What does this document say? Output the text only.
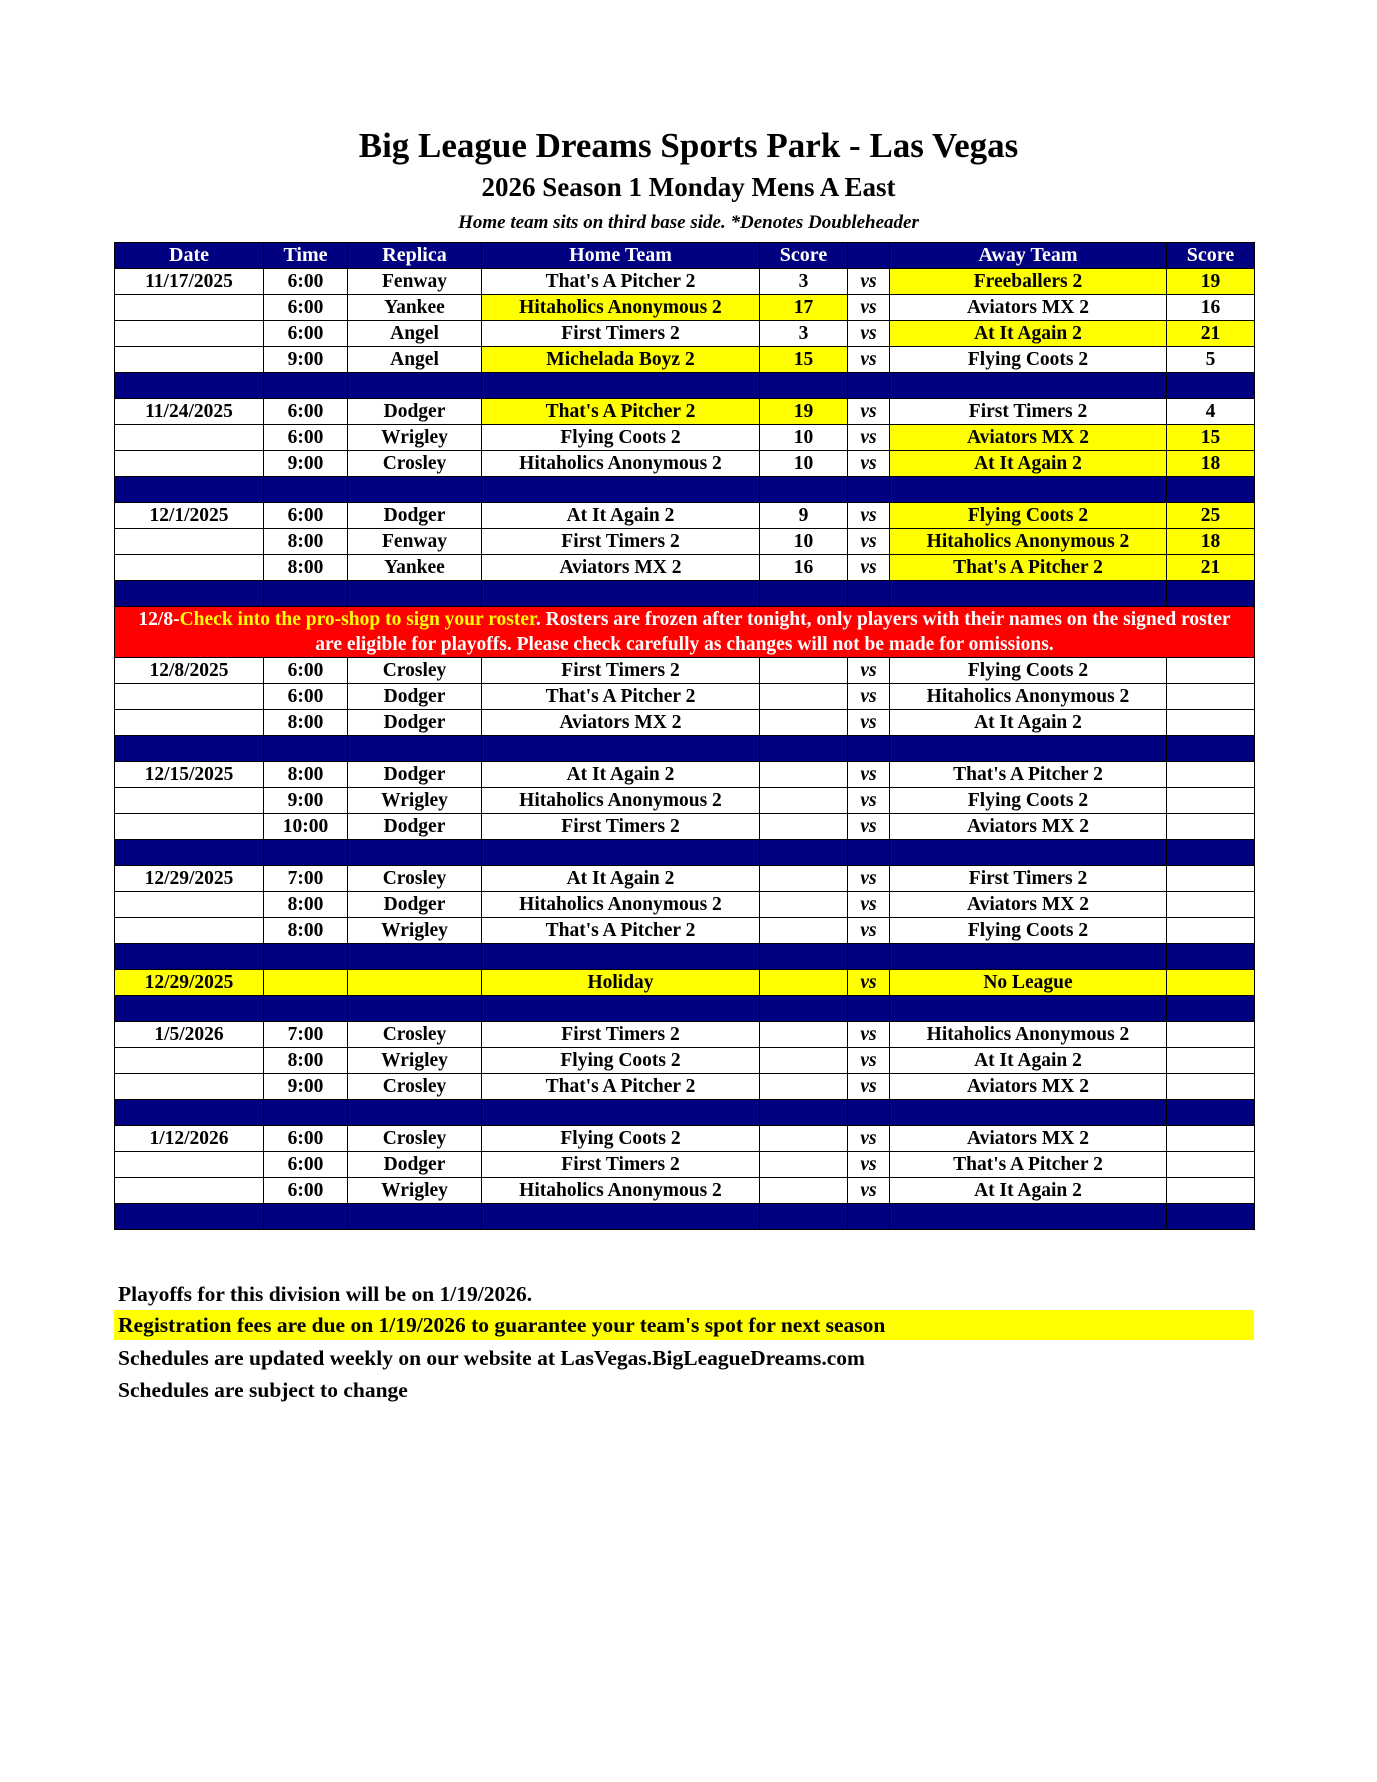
Big League Dreams Sports Park - Las Vegas
2026 Season 1 Monday Mens A East
Home team sits on third base side. *Denotes Doubleheader
Date	Time	Replica	Home Team	Score		Away Team	Score
11/17/2025	6:00	Fenway	That's A Pitcher 2	3	vs	Freeballers 2	19
	6:00	Yankee	Hitaholics Anonymous 2	17	vs	Aviators MX 2	16
	6:00	Angel	First Timers 2	3	vs	At It Again 2	21
	9:00	Angel	Michelada Boyz 2	15	vs	Flying Coots 2	5

11/24/2025	6:00	Dodger	That's A Pitcher 2	19	vs	First Timers 2	4
	6:00	Wrigley	Flying Coots 2	10	vs	Aviators MX 2	15
	9:00	Crosley	Hitaholics Anonymous 2	10	vs	At It Again 2	18

12/1/2025	6:00	Dodger	At It Again 2	9	vs	Flying Coots 2	25
	8:00	Fenway	First Timers 2	10	vs	Hitaholics Anonymous 2	18
	8:00	Yankee	Aviators MX 2	16	vs	That's A Pitcher 2	21

12/8-Check into the pro-shop to sign your roster. Rosters are frozen after tonight, only players with their names on the signed roster are eligible for playoffs. Please check carefully as changes will not be made for omissions.							
12/8/2025	6:00	Crosley	First Timers 2		vs	Flying Coots 2	
	6:00	Dodger	That's A Pitcher 2		vs	Hitaholics Anonymous 2	
	8:00	Dodger	Aviators MX 2		vs	At It Again 2	

12/15/2025	8:00	Dodger	At It Again 2		vs	That's A Pitcher 2	
	9:00	Wrigley	Hitaholics Anonymous 2		vs	Flying Coots 2	
	10:00	Dodger	First Timers 2		vs	Aviators MX 2	

12/29/2025	7:00	Crosley	At It Again 2		vs	First Timers 2	
	8:00	Dodger	Hitaholics Anonymous 2		vs	Aviators MX 2	
	8:00	Wrigley	That's A Pitcher 2		vs	Flying Coots 2	

12/29/2025			Holiday		vs	No League	

1/5/2026	7:00	Crosley	First Timers 2		vs	Hitaholics Anonymous 2	
	8:00	Wrigley	Flying Coots 2		vs	At It Again 2	
	9:00	Crosley	That's A Pitcher 2		vs	Aviators MX 2	

1/12/2026	6:00	Crosley	Flying Coots 2		vs	Aviators MX 2	
	6:00	Dodger	First Timers 2		vs	That's A Pitcher 2	
	6:00	Wrigley	Hitaholics Anonymous 2		vs	At It Again 2	

Playoffs for this division will be on 1/19/2026.
Registration fees are due on 1/19/2026 to guarantee your team's spot for next season
Schedules are updated weekly on our website at LasVegas.BigLeagueDreams.com
Schedules are subject to change
